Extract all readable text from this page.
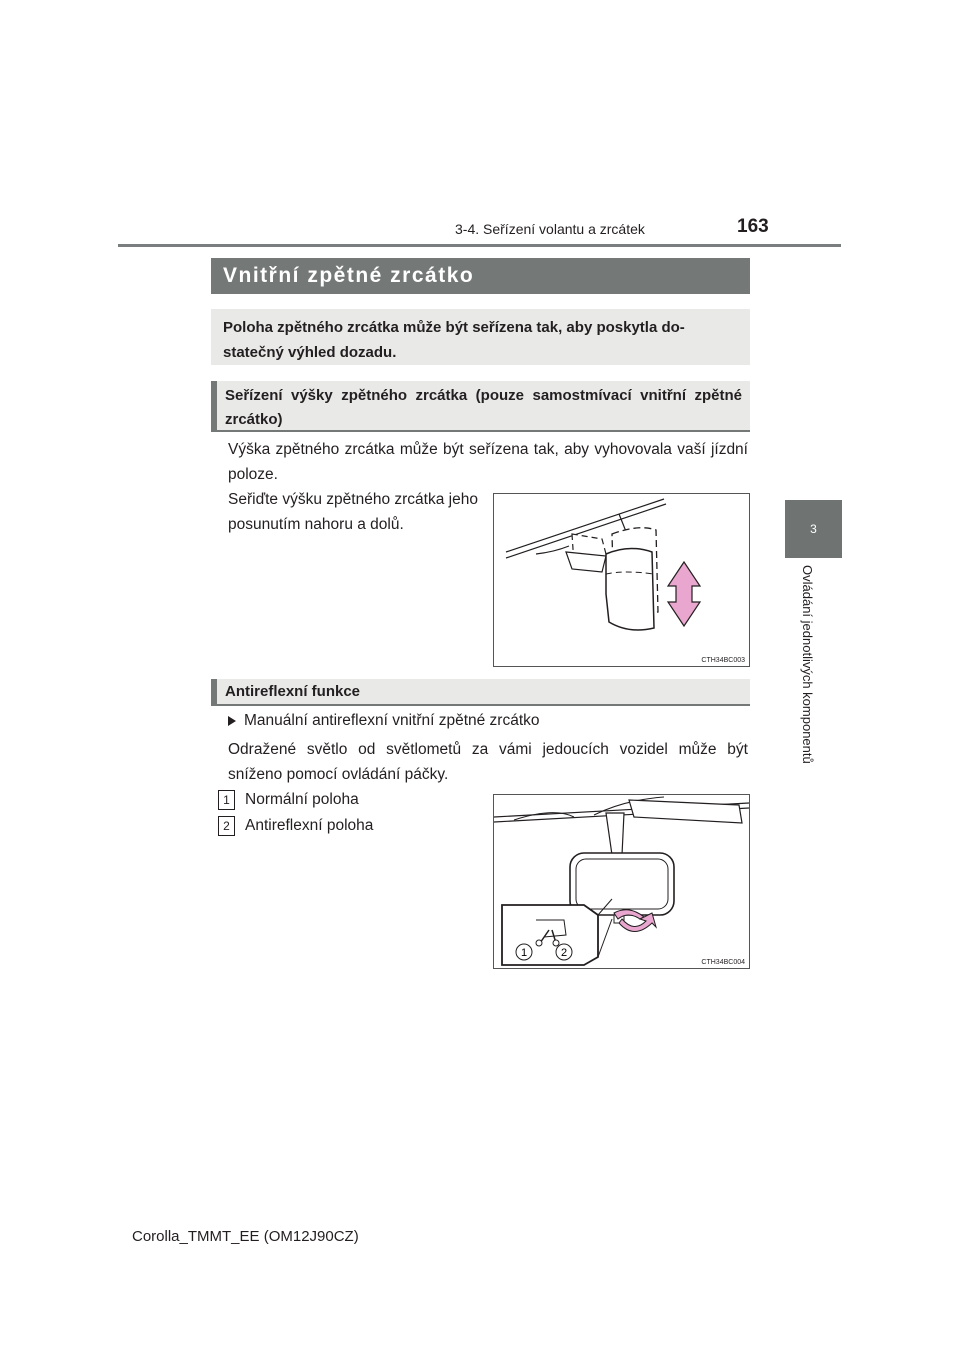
3-4. Seřízení volantu a zrcátek	163
3
Ovládání jednotlivých komponentů
Vnitřní zpětné zrcátko
Poloha zpětného zrcátka může být seřízena tak, aby poskytla do-statečný výhled dozadu.
Seřízení výšky zpětného zrcátka (pouze samostmívací vnitřní zpětné zrcátko)
Výška zpětného zrcátka může být seřízena tak, aby vyhovovala vaší jízdní poloze.
Seřiďte výšku zpětného zrcátka jeho posunutím nahoru a dolů.
CTH34BC003
Antireflexní funkce
Manuální antireflexní vnitřní zpětné zrcátko
Odražené světlo od světlometů za vámi jedoucích vozidel může být sníženo pomocí ovládání páčky.
1 Normální poloha
2 Antireflexní poloha
1	2
CTH34BC004
Corolla_TMMT_EE (OM12J90CZ)
